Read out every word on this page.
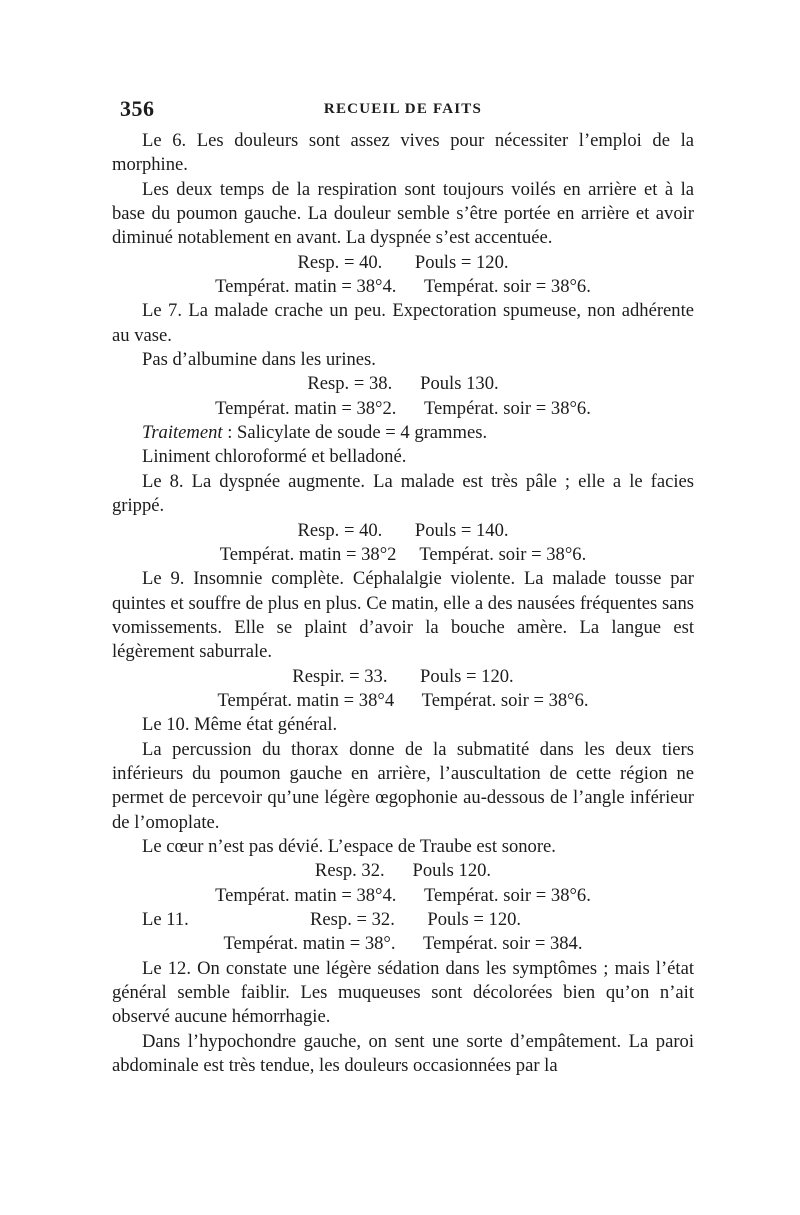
356	RECUEIL DE FAITS

Le 6. Les douleurs sont assez vives pour nécessiter l’emploi de la morphine.

Les deux temps de la respiration sont toujours voilés en arrière et à la base du poumon gauche. La douleur semble s’être portée en arrière et avoir diminué notablement en avant. La dyspnée s’est accentuée.

Resp. = 40.       Pouls = 120.

Températ. matin = 38°4.      Températ. soir = 38°6.

Le 7. La malade crache un peu. Expectoration spumeuse, non adhérente au vase.

Pas d’albumine dans les urines.

Resp. = 38.      Pouls 130.

Températ. matin = 38°2.      Températ. soir = 38°6.

Traitement : Salicylate de soude = 4 grammes.

Liniment chloroformé et belladoné.

Le 8. La dyspnée augmente. La malade est très pâle ; elle a le facies grippé.

Resp. = 40.       Pouls = 140.

Températ. matin = 38°2     Températ. soir = 38°6.

Le 9. Insomnie complète. Céphalalgie violente. La malade tousse par quintes et souffre de plus en plus. Ce matin, elle a des nausées fréquentes sans vomissements. Elle se plaint d’avoir la bouche amère. La langue est légèrement saburrale.

Respir. = 33.       Pouls = 120.

Températ. matin = 38°4      Températ. soir = 38°6.

Le 10. Même état général.

La percussion du thorax donne de la submatité dans les deux tiers inférieurs du poumon gauche en arrière, l’auscultation de cette région ne permet de percevoir qu’une légère œgophonie au-dessous de l’angle inférieur de l’omoplate.

Le cœur n’est pas dévié. L’espace de Traube est sonore.

Resp. 32.      Pouls 120.

Températ. matin = 38°4.      Températ. soir = 38°6.

Le 11.	Resp. = 32.       Pouls = 120.

Températ. matin = 38°.      Températ. soir = 384.

Le 12. On constate une légère sédation dans les symptômes ; mais l’état général semble faiblir. Les muqueuses sont décolorées bien qu’on n’ait observé aucune hémorrhagie.

Dans l’hypochondre gauche, on sent une sorte d’empâtement. La paroi abdominale est très tendue, les douleurs occasionnées par la
